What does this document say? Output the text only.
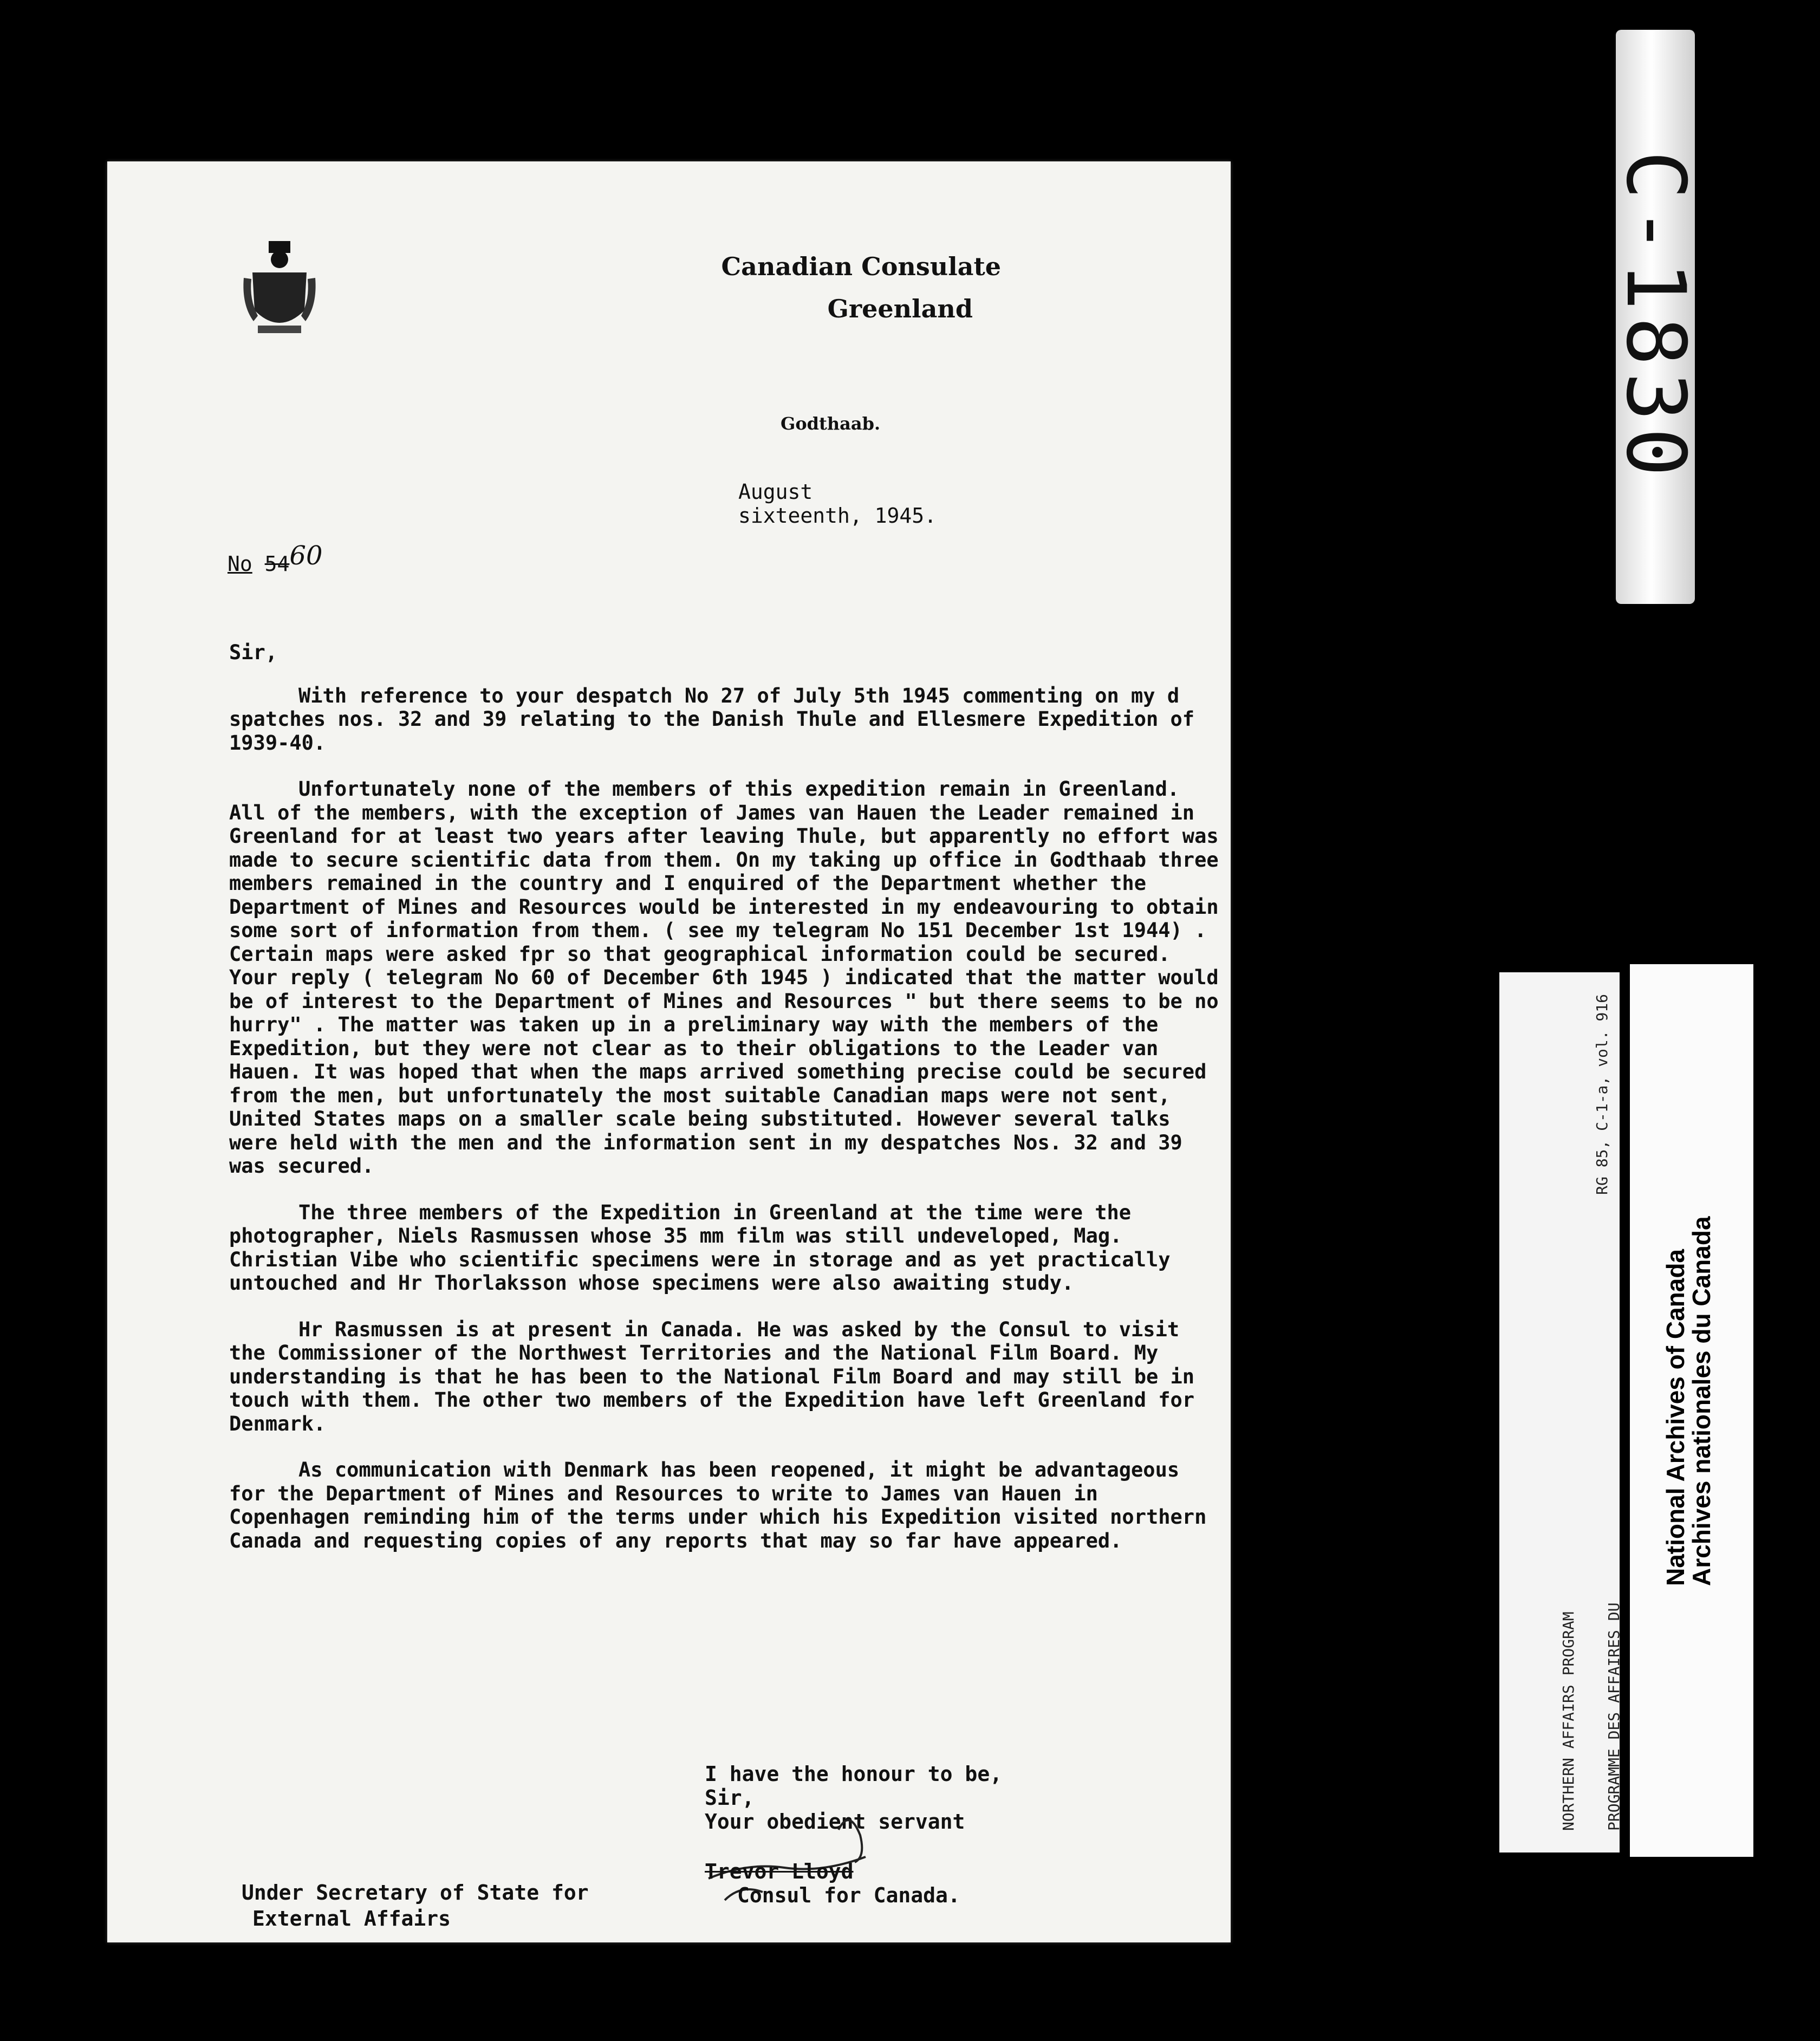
Canadian Consulate
Greenland
Godthaab.
August
sixteenth, 1945.
No 5460
Sir,

With reference to your despatch No 27 of July 5th 1945 commenting on my d spatches nos. 32 and 39 relating to the Danish Thule and Ellesmere Expedition of 1939-40.

Unfortunately none of the members of this expedition remain in Greenland. All of the members, with the exception of James van Hauen the Leader remained in Greenland for at least two years after leaving Thule, but apparently no effort was made to secure scientific data from them. On my taking up office in Godthaab three members remained in the country and I enquired of the Department whether the Department of Mines and Resources would be interested in my endeavouring to obtain some sort of information from them. ( see my telegram No 151 December 1st 1944) . Certain maps were asked fpr so that geographical information could be secured. Your reply ( telegram No 60 of December 6th 1945 ) indicated that the matter would be of interest to the Department of Mines and Resources " but there seems to be no hurry" . The matter was taken up in a preliminary way with the members of the Expedition, but they were not clear as to their obligations to the Leader van Hauen. It was hoped that when the maps arrived something precise could be secured from the men, but unfortunately the most suitable Canadian maps were not sent, United States maps on a smaller scale being substituted. However several talks were held with the men and the information sent in my despatches Nos. 32 and 39 was secured.

The three members of the Expedition in Greenland at the time were the photographer, Niels Rasmussen whose 35 mm film was still undeveloped, Mag. Christian Vibe who scientific specimens were in storage and as yet practically untouched and Hr Thorlaksson whose specimens were also awaiting study.

Hr Rasmussen is at present in Canada. He was asked by the Consul to visit the Commissioner of the Northwest Territories and the National Film Board. My understanding is that he has been to the National Film Board and may still be in touch with them. The other two members of the Expedition have left Greenland for Denmark.

As communication with Denmark has been reopened, it might be advantageous for the Department of Mines and Resources to write to James van Hauen in Copenhagen reminding him of the terms under which his Expedition visited northern Canada and requesting copies of any reports that may so far have appeared.

I have the honour to be,
Sir,
Your obedient servant
Trevor Lloyd
Consul for Canada.
Under Secretary of State for
External Affairs
C-1830

NORTHERN AFFAIRS PROGRAM

PROGRAMME DES AFFAIRES DU

RG 85, C-1-a, vol. 916

National Archives of Canada
Archives nationales du Canada
